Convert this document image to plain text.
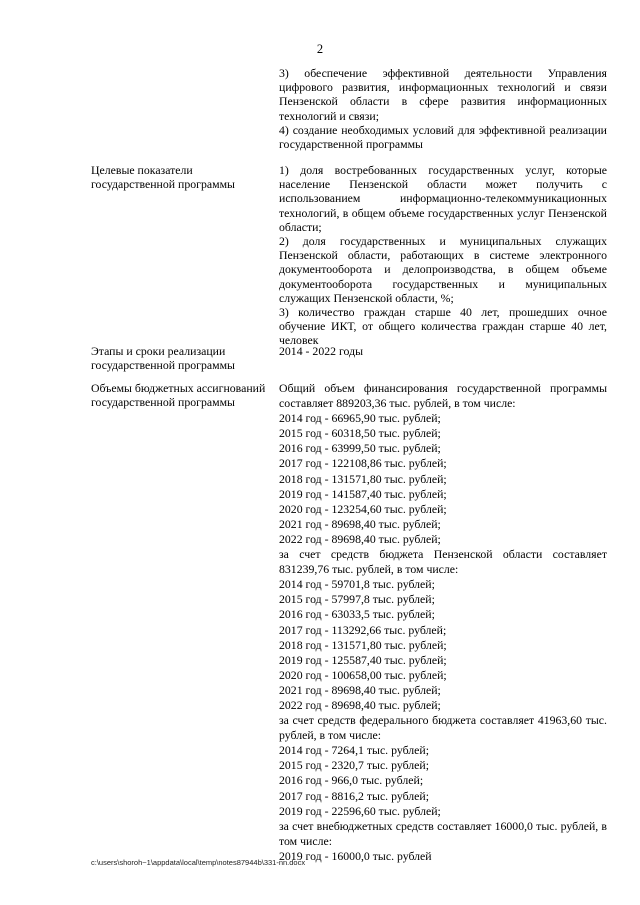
2
3) обеспечение эффективной деятельности Управления цифрового развития, информационных технологий и связи Пензенской области в сфере развития информационных технологий и связи;
4) создание необходимых условий для эффективной реализации государственной программы
Целевые показатели государственной программы
1) доля востребованных государственных услуг, которые население Пензенской области может получить с использованием информационно-телекоммуникационных технологий, в общем объеме государственных услуг Пензенской области;
2) доля государственных и муниципальных служащих Пензенской области, работающих в системе электронного документооборота и делопроизводства, в общем объеме документооборота государственных и муниципальных служащих Пензенской области, %;
3) количество граждан старше 40 лет, прошедших очное обучение ИКТ, от общего количества граждан старше 40 лет, человек
Этапы и сроки реализации государственной программы
2014 - 2022 годы
Объемы бюджетных ассигнований государственной программы
Общий объем финансирования государственной программы составляет 889203,36 тыс. рублей, в том числе:
2014 год - 66965,90 тыс. рублей;
2015 год - 60318,50 тыс. рублей;
2016 год - 63999,50 тыс. рублей;
2017 год - 122108,86 тыс. рублей;
2018 год - 131571,80 тыс. рублей;
2019 год - 141587,40 тыс. рублей;
2020 год - 123254,60 тыс. рублей;
2021 год - 89698,40 тыс. рублей;
2022 год - 89698,40 тыс. рублей;
за счет средств бюджета Пензенской области составляет 831239,76 тыс. рублей, в том числе:
2014 год - 59701,8 тыс. рублей;
2015 год - 57997,8 тыс. рублей;
2016 год - 63033,5 тыс. рублей;
2017 год - 113292,66 тыс. рублей;
2018 год - 131571,80 тыс. рублей;
2019 год - 125587,40 тыс. рублей;
2020 год - 100658,00 тыс. рублей;
2021 год - 89698,40 тыс. рублей;
2022 год - 89698,40 тыс. рублей;
за счет средств федерального бюджета составляет 41963,60 тыс. рублей, в том числе:
2014 год - 7264,1 тыс. рублей;
2015 год - 2320,7 тыс. рублей;
2016 год - 966,0 тыс. рублей;
2017 год - 8816,2 тыс. рублей;
2019 год - 22596,60 тыс. рублей;
за счет внебюджетных средств составляет 16000,0 тыс. рублей, в том числе:
2019 год - 16000,0 тыс. рублей
c:\users\shoroh~1\appdata\local\temp\notes87944b\331-nn.docx
